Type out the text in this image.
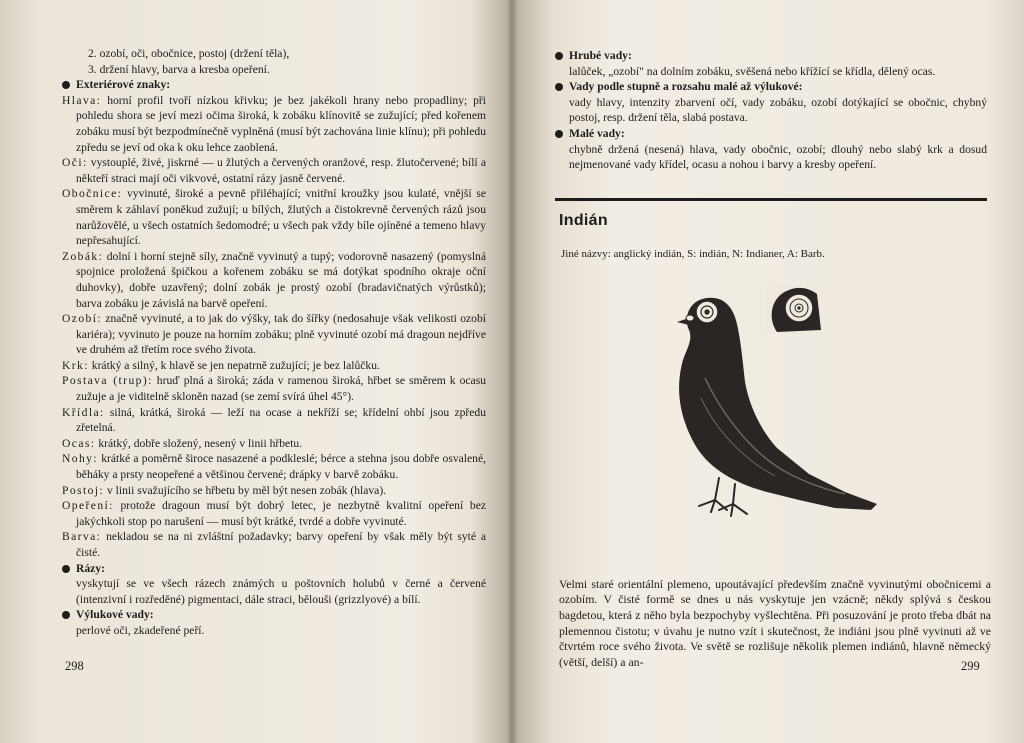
2. ozobí, oči, obočnice, postoj (držení těla),

3. držení hlavy, barva a kresba opeření.

Exteriérové znaky:

Hlava: horní profil tvoří nízkou křivku; je bez jakékoli hrany nebo propadliny; při pohledu shora se jeví mezi očima široká, k zobáku klínovitě se zužující; před kořenem zobáku musí být bezpodmínečně vyplněná (musí být zachována linie klínu); při pohledu zpředu se jeví od oka k oku lehce zaoblená.

Oči: vystouplé, živé, jiskrné — u žlutých a červených oranžové, resp. žlutočervené; bílí a někteří straci mají oči vikvové, ostatní rázy jasně červené.

Obočnice: vyvinuté, široké a pevně přiléhající; vnitřní kroužky jsou kulaté, vnější se směrem k záhlaví poněkud zužují; u bílých, žlutých a čistokrevně červených rázů jsou narůžovělé, u všech ostatních šedomodré; u všech pak vždy bíle ojíněné a temeno hlavy nepřesahující.

Zobák: dolní i horní stejně síly, značně vyvinutý a tupý; vodorovně nasazený (pomyslná spojnice proložená špičkou a kořenem zobáku se má dotýkat spodního okraje oční duhovky), dobře uzavřený; dolní zobák je prostý ozobí (bradavičnatých výrůstků); barva zobáku je závislá na barvě opeření.

Ozobí: značně vyvinuté, a to jak do výšky, tak do šířky (nedosahuje však velikosti ozobí kariéra); vyvinuto je pouze na horním zobáku; plně vyvinuté ozobí má dragoun nejdříve ve druhém až třetím roce svého života.

Krk: krátký a silný, k hlavě se jen nepatrně zužující; je bez lalůčku.

Postava (trup): hruď plná a široká; záda v ramenou široká, hřbet se směrem k ocasu zužuje a je viditelně skloněn nazad (se zemí svírá úhel 45°).

Křídla: silná, krátká, široká — leží na ocase a nekříží se; křídelní ohbí jsou zpředu zřetelná.

Ocas: krátký, dobře složený, nesený v linii hřbetu.

Nohy: krátké a poměrně široce nasazené a podkleslé; bérce a stehna jsou dobře osvalené, běháky a prsty neopeřené a většinou červené; drápky v barvě zobáku.

Postoj: v linii svažujícího se hřbetu by měl být nesen zobák (hlava).

Opeření: protože dragoun musí být dobrý letec, je nezbytně kvalitní opeření bez jakýchkoli stop po narušení — musí být krátké, tvrdé a dobře vyvinuté.

Barva: nekladou se na ni zvláštní požadavky; barvy opeření by však měly být syté a čisté.

Rázy:

vyskytují se ve všech rázech známých u poštovních holubů v černé a červené (intenzivní i rozředěné) pigmentaci, dále straci, bělouši (grizzlyové) a bílí.

Výlukové vady:

perlové oči, zkadeřené peří.

298

Hrubé vady:

lalůček, „ozobí" na dolním zobáku, svěšená nebo křížící se křídla, dělený ocas.

Vady podle stupně a rozsahu malé až výlukové:

vady hlavy, intenzity zbarvení očí, vady zobáku, ozobí dotýkající se obočnic, chybný postoj, resp. držení těla, slabá postava.

Malé vady:

chybně držená (nesená) hlava, vady obočnic, ozobí; dlouhý nebo slabý krk a dosud nejmenované vady křídel, ocasu a nohou i barvy a kresby opeření.

Indián
Jiné názvy: anglický indián, S: indián, N: Indianer, A: Barb.

Velmi staré orientální plemeno, upoutávající především značně vyvinutými obočnicemi a ozobím. V čisté formě se dnes u nás vyskytuje jen vzácně; někdy splývá s českou bagdetou, která z něho byla bezpochyby vyšlechtěna. Při posuzování je proto třeba dbát na plemennou čistotu; v úvahu je nutno vzít i skutečnost, že indiáni jsou plně vyvinuti až ve čtvrtém roce svého života. Ve světě se rozlišuje několik plemen indiánů, hlavně německý (větší, delší) a an-	299
